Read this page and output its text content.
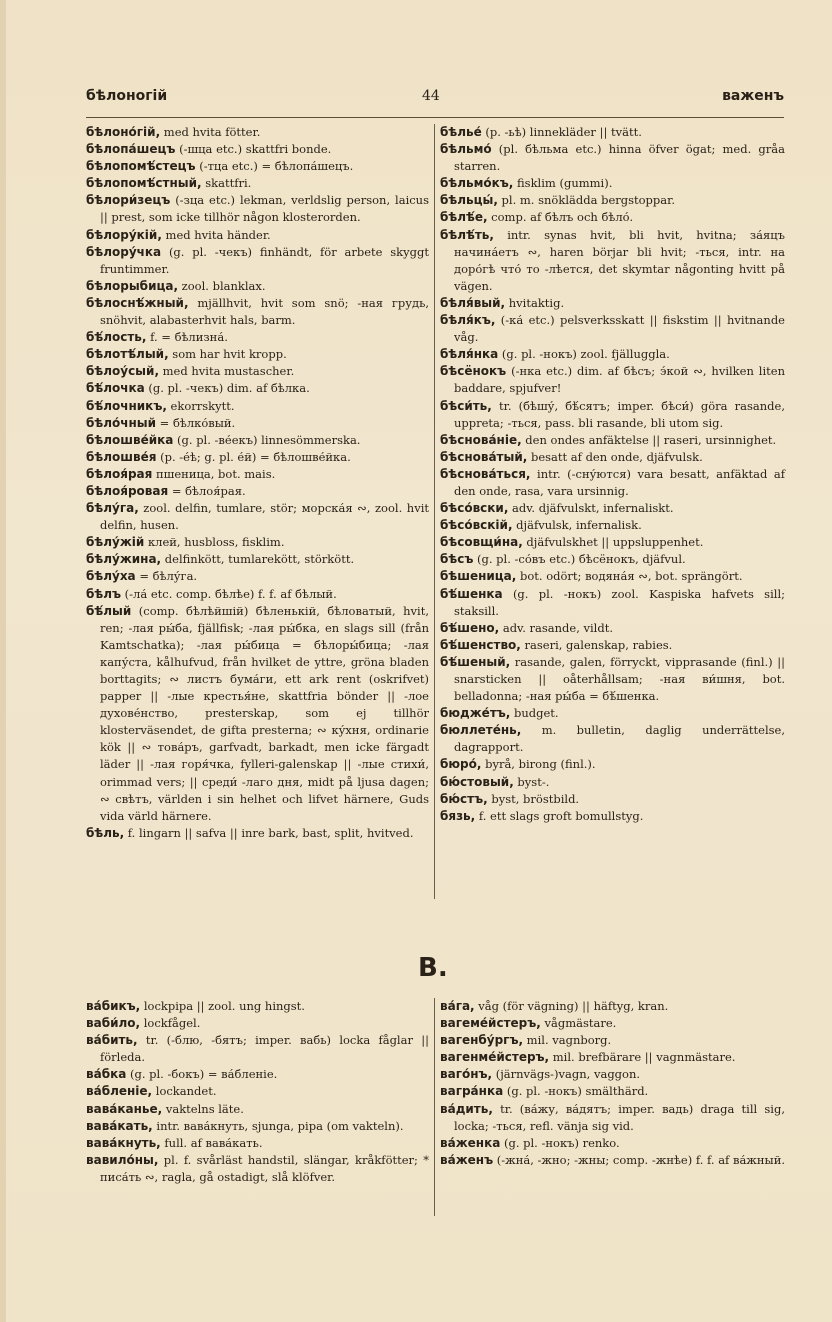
бѣлоногій	44	важенъ
бѣлоно́гій, med hvita fötter.
бѣлопа́шецъ (-шца etc.) skattfri bonde.
бѣлопомѣ́стецъ (-тца etc.) = бѣлопа́шецъ.
бѣлопомѣ́стный, skattfri.
бѣлори́зецъ (-зца etc.) lekman, verldslig person, laicus || prest, som icke tillhör någon klosterorden.
бѣлору́кій, med hvita händer.
бѣлору́чка (g. pl. -чекъ) finhändt, för arbete skyggt fruntimmer.
бѣлорыбица, zool. blanklax.
бѣлоснѣ́жный, mjällhvit, hvit som snö; -ная грудь, snöhvit, alabasterhvit hals, barm.
бѣ́лость, f. = бѣлизна́.
бѣлотѣ́лый, som har hvit kropp.
бѣлоу́сый, med hvita mustascher.
бѣ́лочка (g. pl. -чекъ) dim. af бѣлка.
бѣ́лочникъ, ekorrskytt.
бѣло́чный = бѣлко́вый.
бѣлошве́йка (g. pl. -ве́екъ) linnesömmerska.
бѣлошве́я (p. -е́ѣ; g. pl. е́й) = бѣлошве́йка.
бѣлоя́рая пшеница, bot. mais.
бѣлоя́ровая = бѣлоя́рая.
бѣлу́га, zool. delfin, tumlare, stör; морска́я ∾, zool. hvit delfin, husen.
бѣлу́жій клей, husbloss, fisklim.
бѣлу́жина, delfinkött, tumlarekött, störkött.
бѣлу́ха = бѣлу́га.
бѣлъ (-ла́ etc. comp. бѣлѣе) f. f. af бѣлый.
бѣ́лый (comp. бѣлѣйшій) бѣленькій, бѣловатый, hvit, ren; -лая ры́ба, fjällfisk; -лая ры́бка, en slags sill (från Kamtschatka); -лая ры́бица = бѣлоры́бица; -лая капу́ста, kålhufvud, från hvilket de yttre, gröna bladen borttagits; ∾ листъ бума́ги, ett ark rent (oskrifvet) papper || -лые крестья́не, skattfria bönder || -лое духове́нство, presterskap, som ej tillhör klosterväsendet, de gifta presterna; ∾ ку́хня, ordinarie kök || ∾ това́ръ, garfvadt, barkadt, men icke färgadt läder || -лая горя́чка, fylleri-galenskap || -лые стихи́, orimmad vers; || среди́ -лаго дня, midt på ljusa dagen; ∾ свѣтъ, världen i sin helhet och lifvet härnere, Guds vida värld härnere.
бѣль, f. lingarn || safva || inre bark, bast, split, hvitved.
бѣлье́ (p. -ьѣ) linnekläder || tvätt.
бѣльмо́ (pl. бѣльма etc.) hinna öfver ögat; med. gråa starren.
бѣльмо́къ, fisklim (gummi).
бѣльцы́, pl. m. snöklädda bergstoppar.
бѣлѣ́е, comp. af бѣлъ och бѣло́.
бѣлѣ́ть, intr. synas hvit, bli hvit, hvitna; за́яцъ начина́етъ ∾, haren börjar bli hvit; -ться, intr. на доро́гѣ что́ то -лѣется, det skymtar någonting hvitt på vägen.
бѣля́вый, hvitaktig.
бѣля́къ, (-ка́ etc.) pelsverksskatt || fiskstim || hvitnande våg.
бѣля́нка (g. pl. -нокъ) zool. fjälluggla.
бѣсёнокъ (-нка etc.) dim. af бѣсъ; э́кой ∾, hvilken liten baddare, spjufver!
бѣси́ть, tr. (бѣшу́, бѣ́сятъ; imper. бѣси́) göra rasande, uppreta; -ться, pass. bli rasande, bli utom sig.
бѣснова́ніе, den ondes anfäktelse || raseri, ursinnighet.
бѣснова́тый, besatt af den onde, djäfvulsk.
бѣснова́ться, intr. (-сну́ются) vara besatt, anfäktad af den onde, rasa, vara ursinnig.
бѣсо́вски, adv. djäfvulskt, infernaliskt.
бѣсо́вскій, djäfvulsk, infernalisk.
бѣсовщи́на, djäfvulskhet || uppsluppenhet.
бѣсъ (g. pl. -со́въ etc.) бѣсёнокъ, djäfvul.
бѣшеница, bot. odört; водяна́я ∾, bot. sprängört.
бѣ́шенка (g. pl. -нокъ) zool. Kaspiska hafvets sill; staksill.
бѣ́шено, adv. rasande, vildt.
бѣ́шенство, raseri, galenskap, rabies.
бѣ́шеный, rasande, galen, förryckt, vipprasande (finl.) || snarsticken || oåterhållsam; -ная ви́шня, bot. belladonna; -ная ры́ба = бѣ́шенка.
бюдже́тъ, budget.
бюллете́нь, m. bulletin, daglig underrättelse, dagrapport.
бюро́, byrå, birong (finl.).
бю́стовый, byst-.
бю́стъ, byst, bröstbild.
бязь, f. ett slags groft bomullstyg.
В.
ва́бикъ, lockpipa || zool. ung hingst.
ваби́ло, lockfågel.
ва́бить, tr. (-блю, -бятъ; imper. вабь) locka fåglar || förleda.
ва́бка (g. pl. -бокъ) = ва́бленіе.
ва́бленіе, lockandet.
вава́канье, vaktelns läte.
вава́кать, intr. вава́кнуть, sjunga, pipa (om vakteln).
вава́кнуть, full. af вава́кать.
вавило́ны, pl. f. svårläst handstil, slängar, kråkfötter; * писа́ть ∾, ragla, gå ostadigt, slå klöfver.
ва́га, våg (för vägning) || häftyg, kran.
вагеме́йстеръ, vågmästare.
вагенбу́ргъ, mil. vagnborg.
вагенме́йстеръ, mil. brefbärare || vagnmästare.
ваго́нъ, (järnvägs-)vagn, vaggon.
вагра́нка (g. pl. -нокъ) smälthärd.
ва́дить, tr. (ва́жу, ва́дятъ; imper. вадь) draga till sig, locka; -ться, refl. vänja sig vid.
ва́женка (g. pl. -нокъ) renko.
ва́женъ (-жна́, -жно; -жны; comp. -жнѣе) f. f. af ва́жный.
